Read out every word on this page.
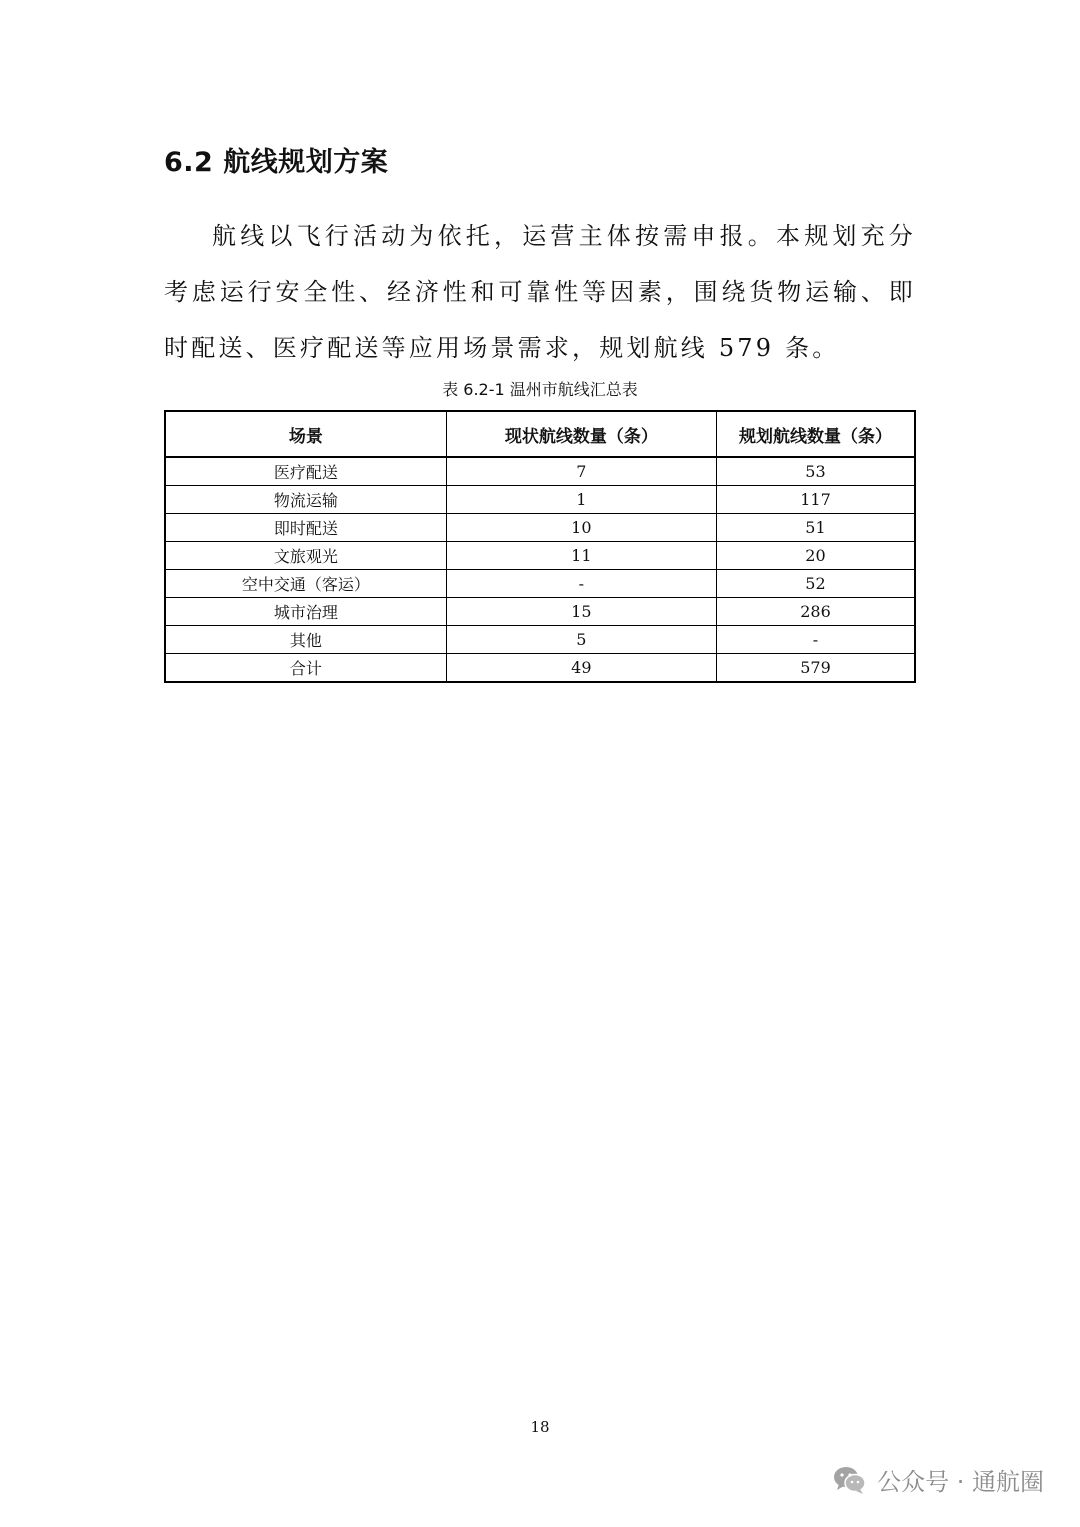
6.2 航线规划方案

航线以飞行活动为依托，运营主体按需申报。本规划充分考虑运行安全性、经济性和可靠性等因素，围绕货物运输、即时配送、医疗配送等应用场景需求，规划航线 579 条。

表 6.2-1 温州市航线汇总表
场景	现状航线数量（条）	规划航线数量（条）
医疗配送	7	53
物流运输	1	117
即时配送	10	51
文旅观光	11	20
空中交通（客运）	-	52
城市治理	15	286
其他	5	-
合计	49	579
18
公众号 · 通航圈
